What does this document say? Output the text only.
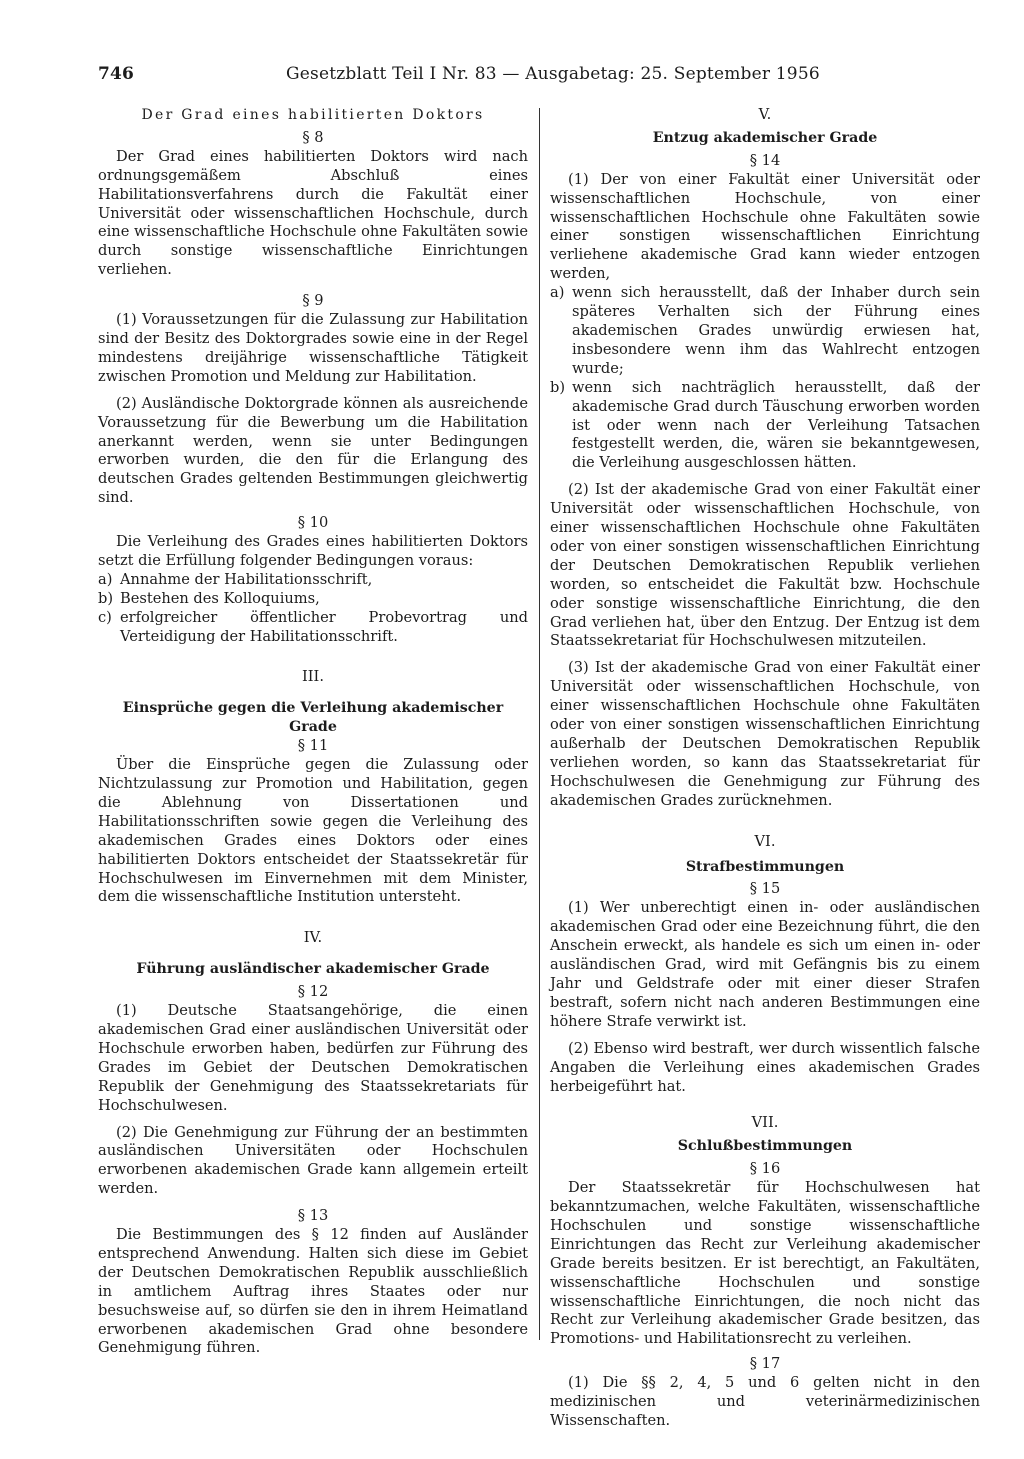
746	Gesetzblatt Teil I Nr. 83 — Ausgabetag: 25. September 1956

Der Grad eines habilitierten Doktors

§ 8

Der Grad eines habilitierten Doktors wird nach ordnungsgemäßem Abschluß eines Habilitationsverfahrens durch die Fakultät einer Universität oder wissenschaftlichen Hochschule, durch eine wissenschaftliche Hochschule ohne Fakultäten sowie durch sonstige wissenschaftliche Einrichtungen verliehen.

§ 9

(1) Voraussetzungen für die Zulassung zur Habilitation sind der Besitz des Doktorgrades sowie eine in der Regel mindestens dreijährige wissenschaftliche Tätigkeit zwischen Promotion und Meldung zur Habilitation.

(2) Ausländische Doktorgrade können als ausreichende Voraussetzung für die Bewerbung um die Habilitation anerkannt werden, wenn sie unter Bedingungen erworben wurden, die den für die Erlangung des deutschen Grades geltenden Bestimmungen gleichwertig sind.

§ 10

Die Verleihung des Grades eines habilitierten Doktors setzt die Erfüllung folgender Bedingungen voraus:

a) Annahme der Habilitationsschrift,
b) Bestehen des Kolloquiums,
c) erfolgreicher öffentlicher Probevortrag und Verteidigung der Habilitationsschrift.

III.

Einsprüche gegen die Verleihung akademischer Grade

§ 11

Über die Einsprüche gegen die Zulassung oder Nichtzulassung zur Promotion und Habilitation, gegen die Ablehnung von Dissertationen und Habilitationsschriften sowie gegen die Verleihung des akademischen Grades eines Doktors oder eines habilitierten Doktors entscheidet der Staatssekretär für Hochschulwesen im Einvernehmen mit dem Minister, dem die wissenschaftliche Institution untersteht.

IV.

Führung ausländischer akademischer Grade

§ 12

(1) Deutsche Staatsangehörige, die einen akademischen Grad einer ausländischen Universität oder Hochschule erworben haben, bedürfen zur Führung des Grades im Gebiet der Deutschen Demokratischen Republik der Genehmigung des Staatssekretariats für Hochschulwesen.

(2) Die Genehmigung zur Führung der an bestimmten ausländischen Universitäten oder Hochschulen erworbenen akademischen Grade kann allgemein erteilt werden.

§ 13

Die Bestimmungen des § 12 finden auf Ausländer entsprechend Anwendung. Halten sich diese im Gebiet der Deutschen Demokratischen Republik ausschließlich in amtlichem Auftrag ihres Staates oder nur besuchsweise auf, so dürfen sie den in ihrem Heimatland erworbenen akademischen Grad ohne besondere Genehmigung führen.

V.

Entzug akademischer Grade

§ 14

(1) Der von einer Fakultät einer Universität oder wissenschaftlichen Hochschule, von einer wissenschaftlichen Hochschule ohne Fakultäten sowie einer sonstigen wissenschaftlichen Einrichtung verliehene akademische Grad kann wieder entzogen werden,

a) wenn sich herausstellt, daß der Inhaber durch sein späteres Verhalten sich der Führung eines akademischen Grades unwürdig erwiesen hat, insbesondere wenn ihm das Wahlrecht entzogen wurde;
b) wenn sich nachträglich herausstellt, daß der akademische Grad durch Täuschung erworben worden ist oder wenn nach der Verleihung Tatsachen festgestellt werden, die, wären sie bekanntgewesen, die Verleihung ausgeschlossen hätten.

(2) Ist der akademische Grad von einer Fakultät einer Universität oder wissenschaftlichen Hochschule, von einer wissenschaftlichen Hochschule ohne Fakultäten oder von einer sonstigen wissenschaftlichen Einrichtung der Deutschen Demokratischen Republik verliehen worden, so entscheidet die Fakultät bzw. Hochschule oder sonstige wissenschaftliche Einrichtung, die den Grad verliehen hat, über den Entzug. Der Entzug ist dem Staatssekretariat für Hochschulwesen mitzuteilen.

(3) Ist der akademische Grad von einer Fakultät einer Universität oder wissenschaftlichen Hochschule, von einer wissenschaftlichen Hochschule ohne Fakultäten oder von einer sonstigen wissenschaftlichen Einrichtung außerhalb der Deutschen Demokratischen Republik verliehen worden, so kann das Staatssekretariat für Hochschulwesen die Genehmigung zur Führung des akademischen Grades zurücknehmen.

VI.

Strafbestimmungen

§ 15

(1) Wer unberechtigt einen in- oder ausländischen akademischen Grad oder eine Bezeichnung führt, die den Anschein erweckt, als handele es sich um einen in- oder ausländischen Grad, wird mit Gefängnis bis zu einem Jahr und Geldstrafe oder mit einer dieser Strafen bestraft, sofern nicht nach anderen Bestimmungen eine höhere Strafe verwirkt ist.

(2) Ebenso wird bestraft, wer durch wissentlich falsche Angaben die Verleihung eines akademischen Grades herbeigeführt hat.

VII.

Schlußbestimmungen

§ 16

Der Staatssekretär für Hochschulwesen hat bekanntzumachen, welche Fakultäten, wissenschaftliche Hochschulen und sonstige wissenschaftliche Einrichtungen das Recht zur Verleihung akademischer Grade bereits besitzen. Er ist berechtigt, an Fakultäten, wissenschaftliche Hochschulen und sonstige wissenschaftliche Einrichtungen, die noch nicht das Recht zur Verleihung akademischer Grade besitzen, das Promotions- und Habilitationsrecht zu verleihen.

§ 17

(1) Die §§ 2, 4, 5 und 6 gelten nicht in den medizinischen und veterinärmedizinischen Wissenschaften.
